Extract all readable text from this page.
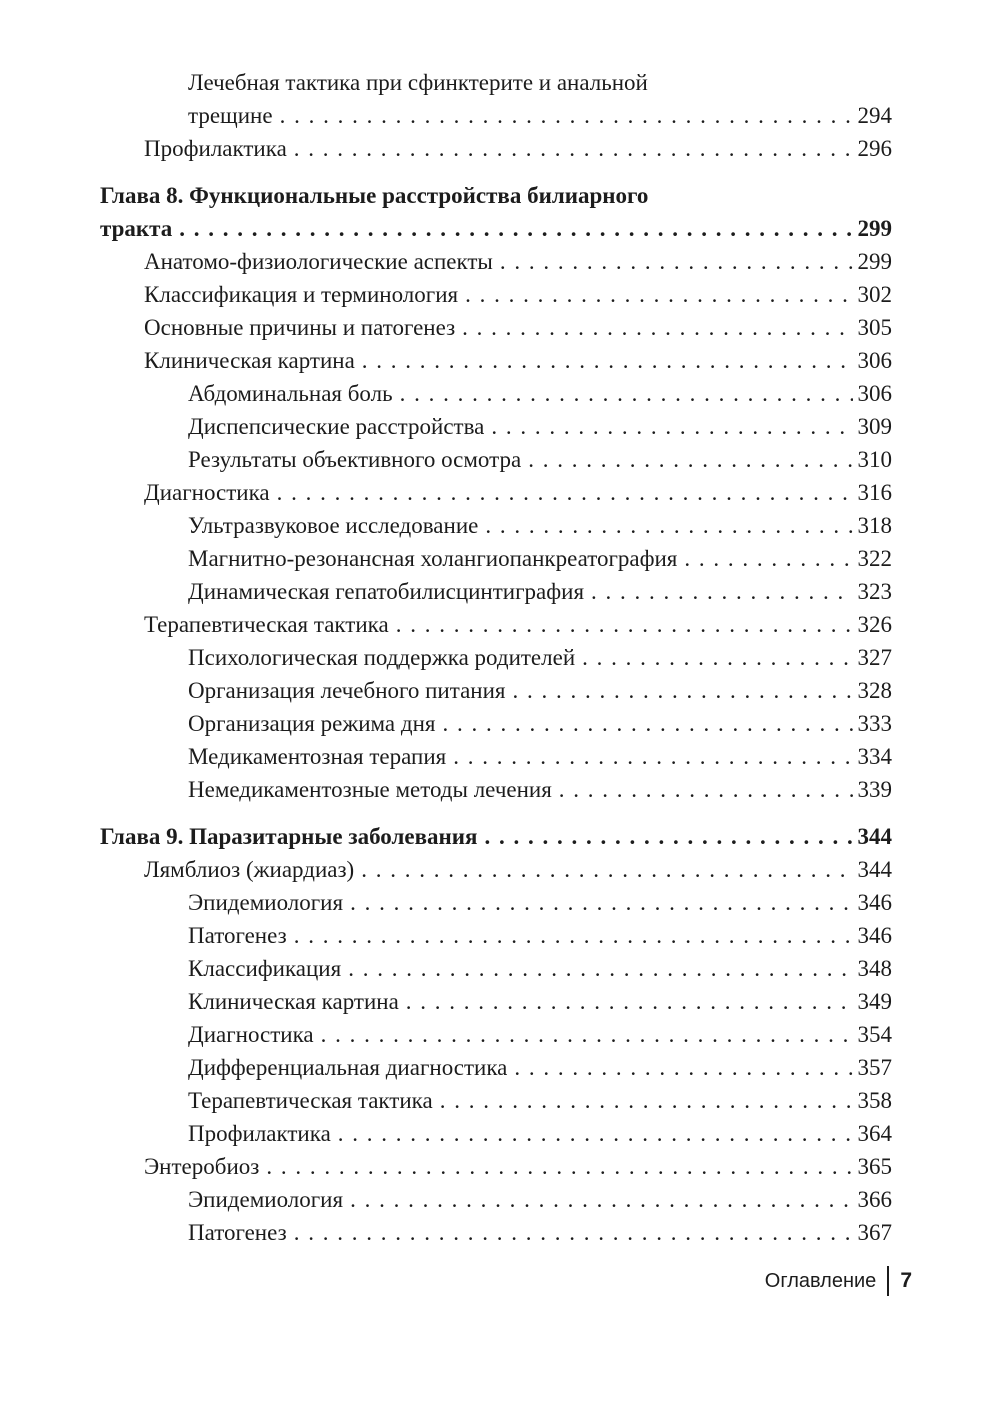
Лечебная тактика при сфинктерите и анальной
трещине . . .	294
Профилактика . . .	296
Глава 8. Функциональные расстройства билиарного
тракта . . .	299
Анатомо-физиологические аспекты . . .	299
Классификация и терминология . . .	302
Основные причины и патогенез . . .	305
Клиническая картина . . .	306
Абдоминальная боль . . .	306
Диспепсические расстройства . . .	309
Результаты объективного осмотра . . .	310
Диагностика . . .	316
Ультразвуковое исследование . . .	318
Магнитно-резонансная холангиопанкреатография . . .	322
Динамическая гепатобилисцинтиграфия . . .	323
Терапевтическая тактика . . .	326
Психологическая поддержка родителей . . .	327
Организация лечебного питания . . .	328
Организация режима дня . . .	333
Медикаментозная терапия . . .	334
Немедикаментозные методы лечения . . .	339
Глава 9. Паразитарные заболевания . . .	344
Лямблиоз (жиардиаз) . . .	344
Эпидемиология . . .	346
Патогенез . . .	346
Классификация . . .	348
Клиническая картина . . .	349
Диагностика . . .	354
Дифференциальная диагностика . . .	357
Терапевтическая тактика . . .	358
Профилактика . . .	364
Энтеробиоз . . .	365
Эпидемиология . . .	366
Патогенез . . .	367
Оглавление 7
